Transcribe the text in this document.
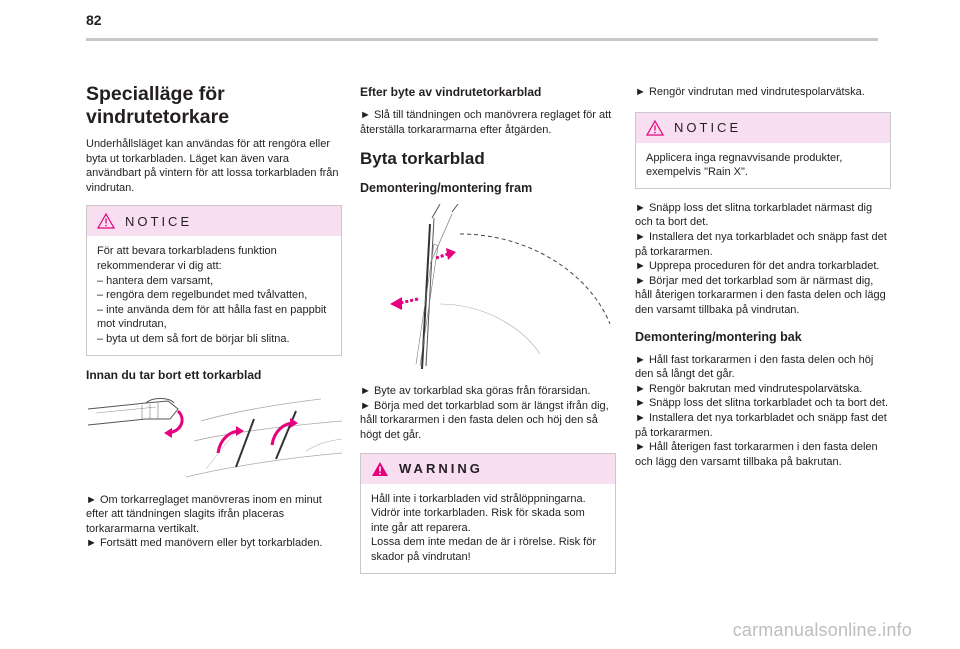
82
Specialläge för vindrutetorkare

Underhållsläget kan användas för att rengöra eller byta ut torkarbladen. Läget kan även vara användbart på vintern för att lossa torkarbladen från vindrutan.

NOTICE
För att bevara torkarbladens funktion rekommenderar vi dig att:
– hantera dem varsamt,
– rengöra dem regelbundet med tvålvatten,
– inte använda dem för att hålla fast en pappbit mot vindrutan,
– byta ut dem så fort de börjar bli slitna.
Innan du tar bort ett torkarblad

► Om torkarreglaget manövreras inom en minut efter att tändningen slagits ifrån placeras torkararmarna vertikalt.
► Fortsätt med manövern eller byt torkarbladen.

Efter byte av vindrutetorkarblad

► Slå till tändningen och manövrera reglaget för att återställa torkararmarna efter åtgärden.

Byta torkarblad
Demontering/montering fram

► Byte av torkarblad ska göras från förarsidan.
► Börja med det torkarblad som är längst ifrån dig, håll torkararmen i den fasta delen och höj den så högt det går.

WARNING
Håll inte i torkarbladen vid strålöppningarna. Vidrör inte torkarbladen. Risk för skada som inte går att reparera.
Lossa dem inte medan de är i rörelse. Risk för skador på vindrutan!

► Rengör vindrutan med vindrutespolarvätska.

NOTICE
Applicera inga regnavvisande produkter, exempelvis "Rain X".

► Snäpp loss det slitna torkarbladet närmast dig och ta bort det.
► Installera det nya torkarbladet och snäpp fast det på torkararmen.
► Upprepa proceduren för det andra torkarbladet.
► Börjar med det torkarblad som är närmast dig, håll återigen torkararmen i den fasta delen och lägg den varsamt tillbaka på vindrutan.

Demontering/montering bak

► Håll fast torkararmen i den fasta delen och höj den så långt det går.
► Rengör bakrutan med vindrutespolarvätska.
► Snäpp loss det slitna torkarbladet och ta bort det.
► Installera det nya torkarbladet och snäpp fast det på torkararmen.
► Håll återigen fast torkararmen i den fasta delen och lägg den varsamt tillbaka på bakrutan.

carmanualsonline.info
